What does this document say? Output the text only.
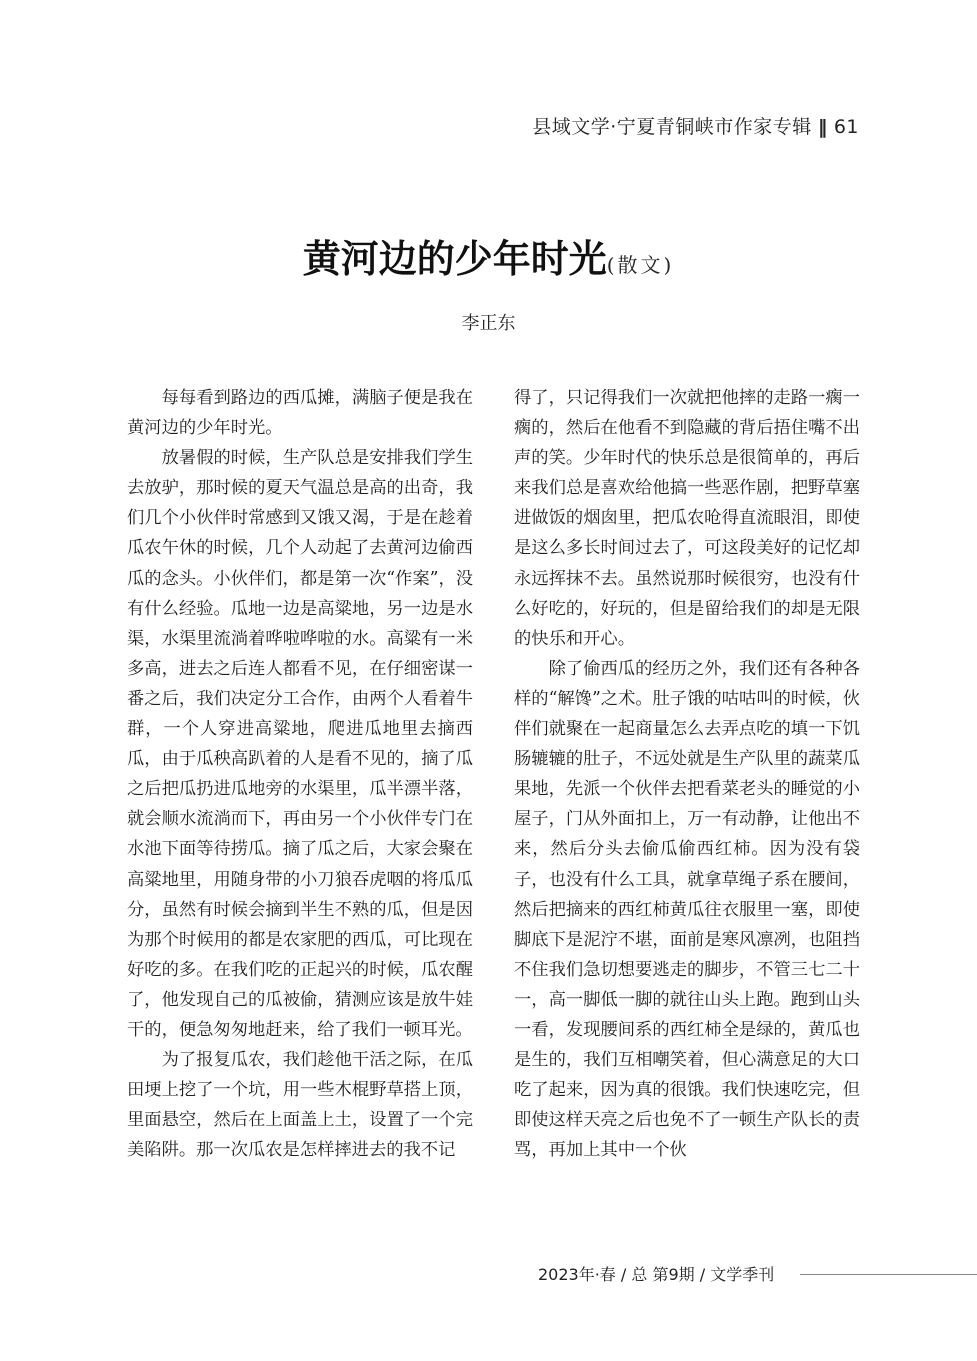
县域文学·宁夏青铜峡市作家专辑 ‖ 61
黄河边的少年时光(散文)
李正东

每每看到路边的西瓜摊，满脑子便是我在黄河边的少年时光。

放暑假的时候，生产队总是安排我们学生去放驴，那时候的夏天气温总是高的出奇，我们几个小伙伴时常感到又饿又渴，于是在趁着瓜农午休的时候，几个人动起了去黄河边偷西瓜的念头。小伙伴们，都是第一次“作案”，没有什么经验。瓜地一边是高粱地，另一边是水渠，水渠里流淌着哗啦哗啦的水。高粱有一米多高，进去之后连人都看不见，在仔细密谋一番之后，我们决定分工合作，由两个人看着牛群，一个人穿进高粱地，爬进瓜地里去摘西瓜，由于瓜秧高趴着的人是看不见的，摘了瓜之后把瓜扔进瓜地旁的水渠里，瓜半漂半落，就会顺水流淌而下，再由另一个小伙伴专门在水池下面等待捞瓜。摘了瓜之后，大家会聚在高粱地里，用随身带的小刀狼吞虎咽的将瓜瓜分，虽然有时候会摘到半生不熟的瓜，但是因为那个时候用的都是农家肥的西瓜，可比现在好吃的多。在我们吃的正起兴的时候，瓜农醒了，他发现自己的瓜被偷，猜测应该是放牛娃干的，便急匆匆地赶来，给了我们一顿耳光。

为了报复瓜农，我们趁他干活之际，在瓜田埂上挖了一个坑，用一些木棍野草搭上顶，里面悬空，然后在上面盖上土，设置了一个完美陷阱。那一次瓜农是怎样摔进去的我不记

得了，只记得我们一次就把他摔的走路一瘸一瘸的，然后在他看不到隐藏的背后捂住嘴不出声的笑。少年时代的快乐总是很简单的，再后来我们总是喜欢给他搞一些恶作剧，把野草塞进做饭的烟囱里，把瓜农呛得直流眼泪，即使是这么多长时间过去了，可这段美好的记忆却永远挥抹不去。虽然说那时候很穷，也没有什么好吃的，好玩的，但是留给我们的却是无限的快乐和开心。

除了偷西瓜的经历之外，我们还有各种各样的“解馋”之术。肚子饿的咕咕叫的时候，伙伴们就聚在一起商量怎么去弄点吃的填一下饥肠辘辘的肚子，不远处就是生产队里的蔬菜瓜果地，先派一个伙伴去把看菜老头的睡觉的小屋子，门从外面扣上，万一有动静，让他出不来，然后分头去偷瓜偷西红柿。因为没有袋子，也没有什么工具，就拿草绳子系在腰间，然后把摘来的西红柿黄瓜往衣服里一塞，即使脚底下是泥泞不堪，面前是寒风凛冽，也阻挡不住我们急切想要逃走的脚步，不管三七二十一，高一脚低一脚的就往山头上跑。跑到山头一看，发现腰间系的西红柿全是绿的，黄瓜也是生的，我们互相嘲笑着，但心满意足的大口吃了起来，因为真的很饿。我们快速吃完，但即使这样天亮之后也免不了一顿生产队长的责骂，再加上其中一个伙

2023年·春 / 总 第9期 / 文学季刊
